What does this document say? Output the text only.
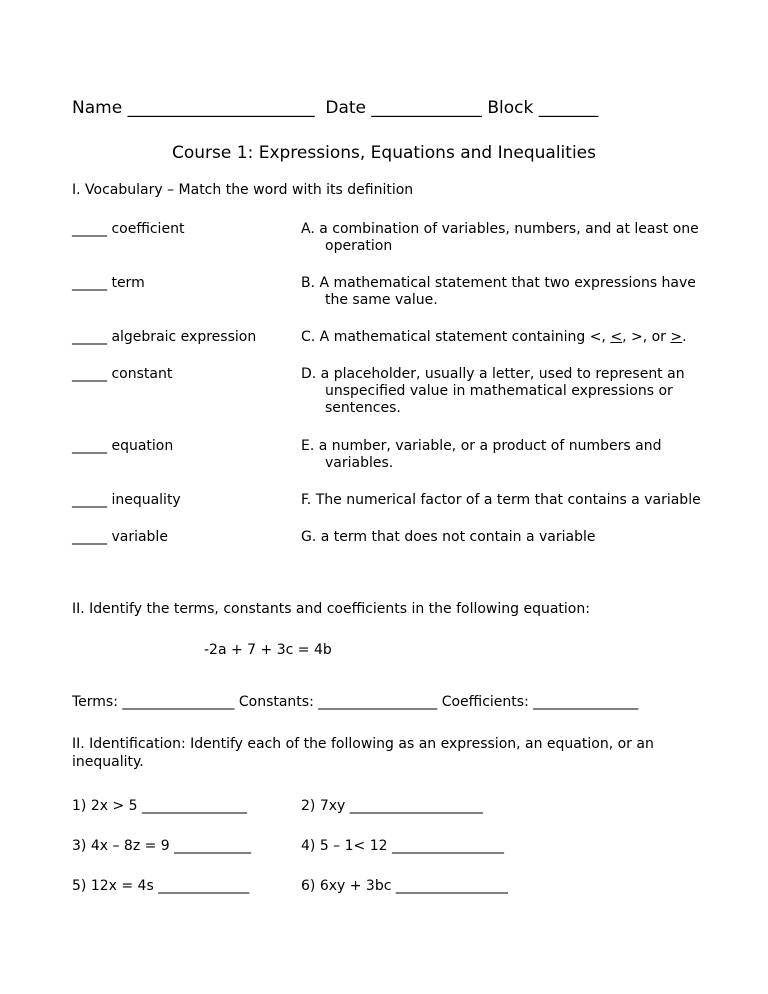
Name ______________________ Date _____________ Block _______
Course 1: Expressions, Equations and Inequalities
I. Vocabulary – Match the word with its definition
_____ coefficient	A. a combination of variables, numbers, and at least one
operation
_____ term	B. A mathematical statement that two expressions have
the same value.
_____ algebraic expression	C. A mathematical statement containing <, <, >, or >.
_____ constant	D. a placeholder, usually a letter, used to represent an
unspecified value in mathematical expressions or
sentences.
_____ equation	E. a number, variable, or a product of numbers and
variables.
_____ inequality	F. The numerical factor of a term that contains a variable
_____ variable	G. a term that does not contain a variable
II. Identify the terms, constants and coefficients in the following equation:
-2a + 7 + 3c = 4b
Terms: ________________ Constants: _________________ Coefficients: _______________
II. Identification: Identify each of the following as an expression, an equation, or an inequality.
1) 2x > 5 _______________	2) 7xy ___________________
3) 4x – 8z = 9 ___________	4) 5 – 1< 12 ________________
5) 12x = 4s _____________	6) 6xy + 3bc ________________
